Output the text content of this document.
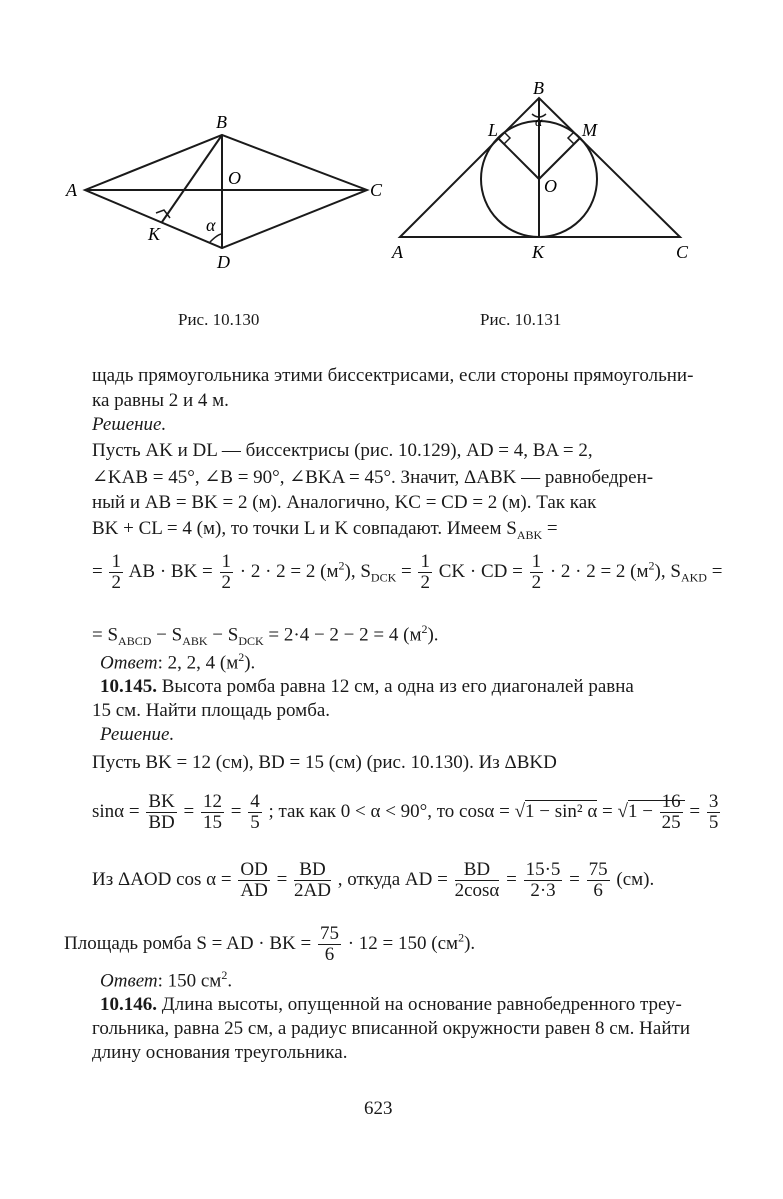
A
B
C
D
O
K	α
A
B
C
K
O
L	M
α
Рис. 10.130	Рис. 10.131
щадь прямоугольника этими биссектрисами, если стороны прямоугольни-
ка равны 2 и 4 м.
Решение.
Пусть AK и DL — биссектрисы (рис. 10.129), AD = 4, BA = 2,
∠KAB = 45°, ∠B = 90°, ∠BKA = 45°. Значит, ΔABK — равнобедрен-
ный и AB = BK = 2 (м). Аналогично, KC = CD = 2 (м). Так как
BK + CL = 4 (м), то точки L и K совпадают. Имеем $S_{ABK}$ =
= $\frac{1}{2}$ AB · BK = $\frac{1}{2} \cdot 2 \cdot 2 = 2$ $(м^2)$, $S_{DCK} = \frac{1}{2}$ CK · CD = $\frac{1}{2} \cdot 2 \cdot 2 = 2$ $(м^2)$, $S_{AKD}$ =
= $S_{ABCD} - S_{ABK} - S_{DCK} = 2\cdot 4 - 2 - 2 = 4$ $(м^2)$.
Ответ: 2, 2, 4 $(м^2)$.
10.145. Высота ромба равна 12 см, а одна из его диагоналей равна
15 см. Найти площадь ромба.
Решение.
Пусть BK = 12 (см), BD = 15 (см) (рис. 10.130). Из ΔBKD
$\sin\alpha = \frac{BK}{BD} = \frac{12}{15} = \frac{4}{5}$ ; так как 0 < α < 90°, то cosα = √1 − sin² $\alpha = √1 - \frac{16}{25} = \frac{3}{5}$
Из ΔAOD $\cos \alpha = \frac{OD}{AD} = \frac{BD}{2AD}$ , откуда AD = $\frac{BD}{2\cos\alpha} = \frac{15\cdot 5}{2\cdot 3} = \frac{75}{6} (см)$.
Площадь ромба S = AD · BK = $\frac{75}{6} \cdot 12 = 150$ $(см^2)$.
Ответ: 150 $см^2$.
10.146. Длина высоты, опущенной на основание равнобедренного треу-
гольника, равна 25 см, а радиус вписанной окружности равен 8 см. Найти
длину основания треугольника.
623
